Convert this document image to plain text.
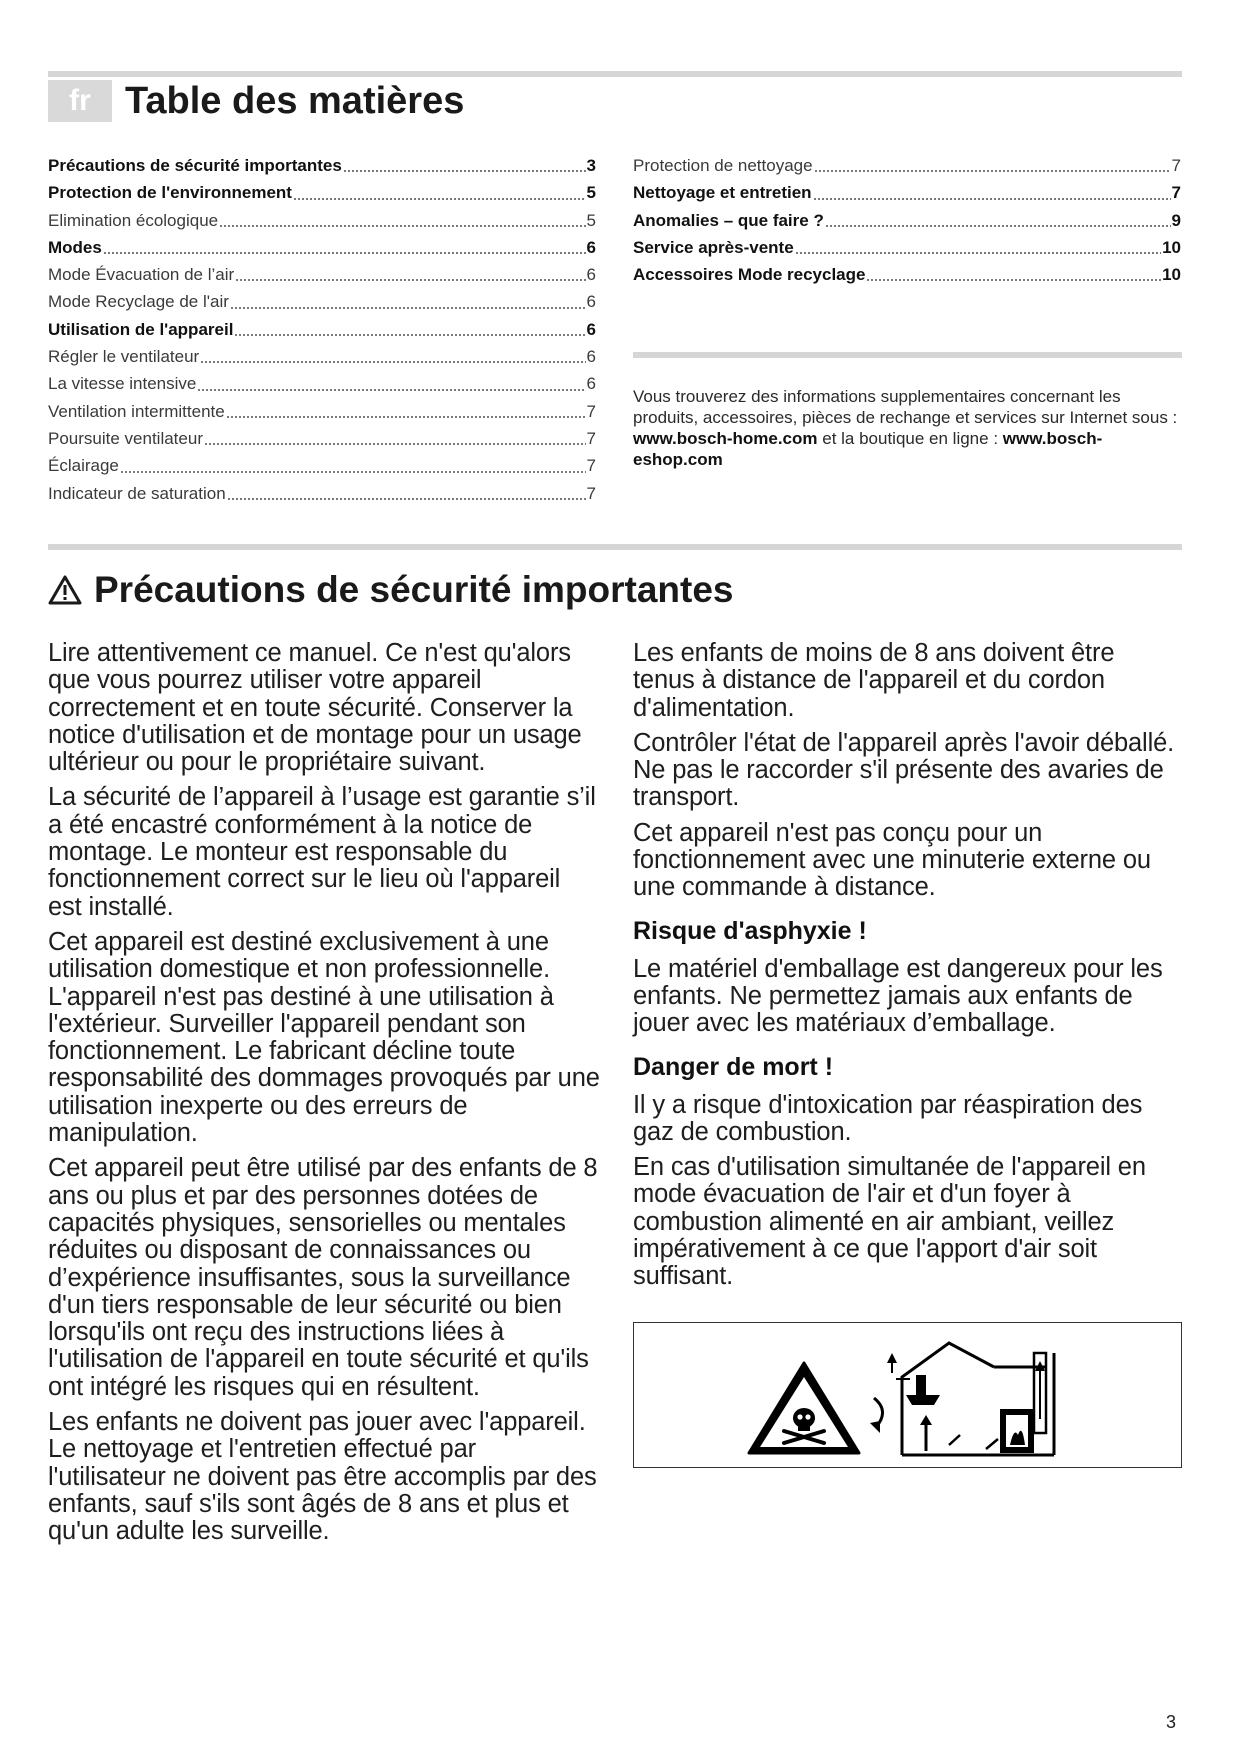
fr Table des matières
Précautions de sécurité importantes	3
Protection de l'environnement	5
Elimination écologique	5
Modes	6
Mode Évacuation de l’air	6
Mode Recyclage de l'air	6
Utilisation de l'appareil	6
Régler le ventilateur	6
La vitesse intensive	6
Ventilation intermittente	7
Poursuite ventilateur	7
Éclairage	7
Indicateur de saturation	7
Protection de nettoyage	7
Nettoyage et entretien	7
Anomalies – que faire ?	9
Service après-vente	10
Accessoires Mode recyclage	10

Vous trouverez des informations supplementaires concernant les produits, accessoires, pièces de rechange et services sur Internet sous : www.bosch-home.com et la boutique en ligne : www.bosch-eshop.com

Précautions de sécurité importantes

Lire attentivement ce manuel. Ce n'est qu'alors que vous pourrez utiliser votre appareil correctement et en toute sécurité. Conserver la notice d'utilisation et de montage pour un usage ultérieur ou pour le propriétaire suivant.

La sécurité de l’appareil à l’usage est garantie s’il a été encastré conformément à la notice de montage. Le monteur est responsable du fonctionnement correct sur le lieu où l'appareil est installé.

Cet appareil est destiné exclusivement à une utilisation domestique et non professionnelle. L'appareil n'est pas destiné à une utilisation à l'extérieur. Surveiller l'appareil pendant son fonctionnement. Le fabricant décline toute responsabilité des dommages provoqués par une utilisation inexperte ou des erreurs de manipulation.

Cet appareil peut être utilisé par des enfants de 8 ans ou plus et par des personnes dotées de capacités physiques, sensorielles ou mentales réduites ou disposant de connaissances ou d’expérience insuffisantes, sous la surveillance d'un tiers responsable de leur sécurité ou bien lorsqu'ils ont reçu des instructions liées à l'utilisation de l'appareil en toute sécurité et qu'ils ont intégré les risques qui en résultent.

Les enfants ne doivent pas jouer avec l'appareil. Le nettoyage et l'entretien effectué par l'utilisateur ne doivent pas être accomplis par des enfants, sauf s'ils sont âgés de 8 ans et plus et qu'un adulte les surveille.

Les enfants de moins de 8 ans doivent être tenus à distance de l'appareil et du cordon d'alimentation.

Contrôler l'état de l'appareil après l'avoir déballé. Ne pas le raccorder s'il présente des avaries de transport.

Cet appareil n'est pas conçu pour un fonctionnement avec une minuterie externe ou une commande à distance.

Risque d'asphyxie !

Le matériel d'emballage est dangereux pour les enfants. Ne permettez jamais aux enfants de jouer avec les matériaux d’emballage.

Danger de mort !

Il y a risque d'intoxication par réaspiration des gaz de combustion.

En cas d'utilisation simultanée de l'appareil en mode évacuation de l'air et d'un foyer à combustion alimenté en air ambiant, veillez impérativement à ce que l'apport d'air soit suffisant.

3
